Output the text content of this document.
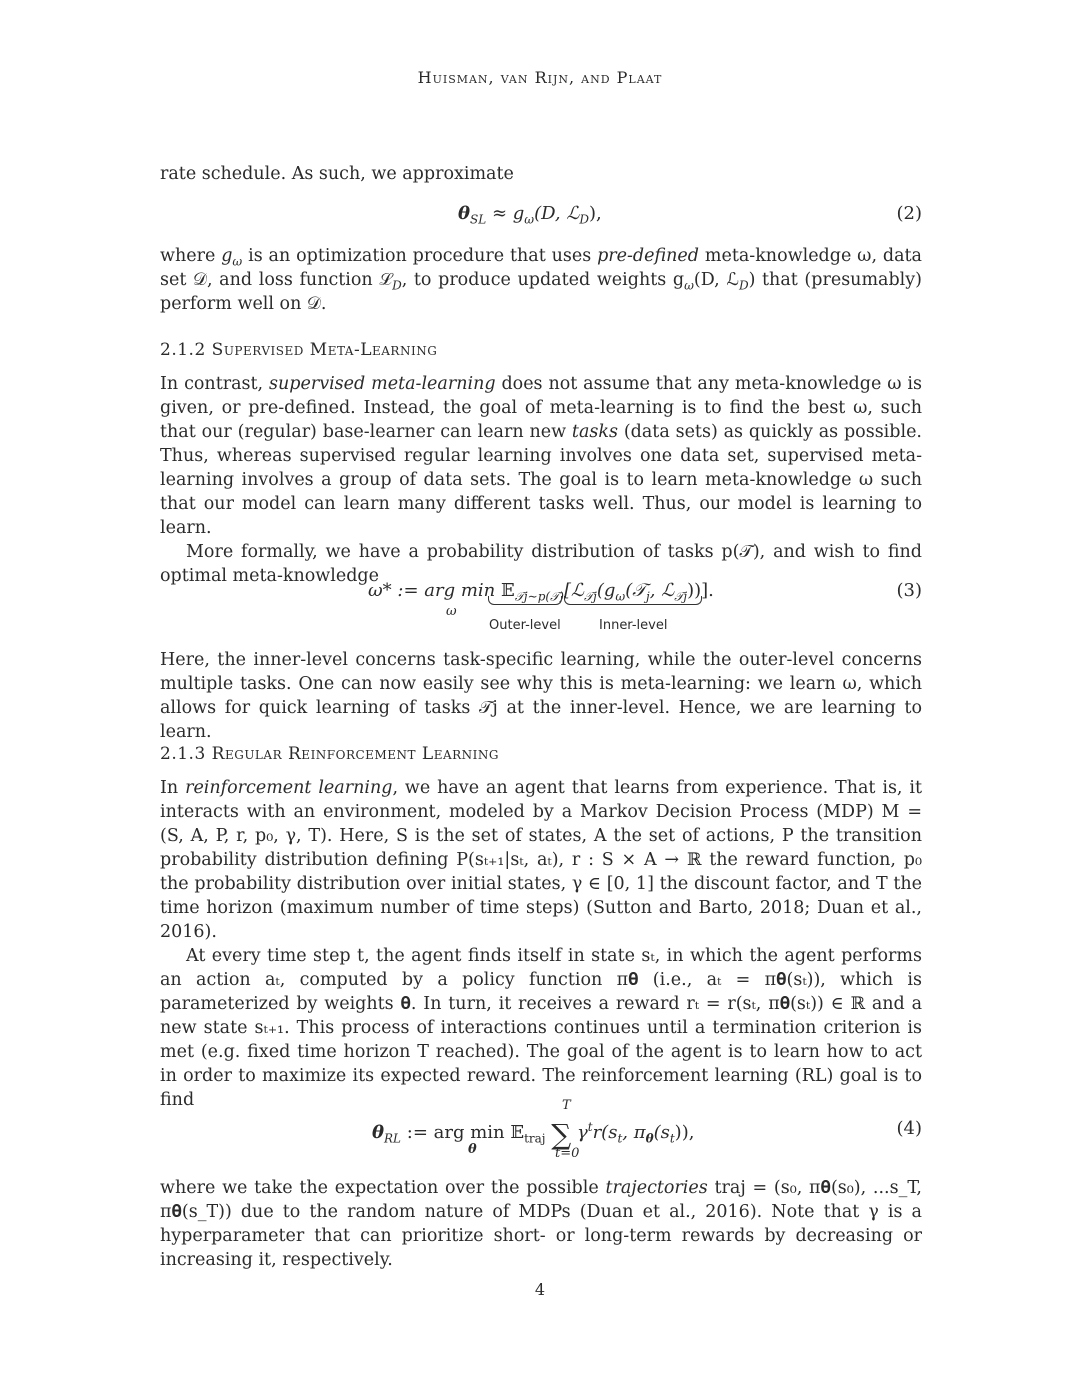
Huisman, van Rijn, and Plaat

rate schedule. As such, we approximate

$\theta_{SL} \approx g_\omega(D$, ℒ$_D$),	(2)

where $g_\omega$ is an optimization procedure that uses pre-defined meta-knowledge ω, data set 𝒟, and loss function ℒ$_D$, to produce updated weights $g_\omega(D$, ℒ$_D$) that (presumably) perform well on 𝒟.

2.1.2 Supervised Meta-Learning

In contrast, supervised meta-learning does not assume that any meta-knowledge ω is given, or pre-defined. Instead, the goal of meta-learning is to find the best ω, such that our (regular) base-learner can learn new tasks (data sets) as quickly as possible. Thus, whereas supervised regular learning involves one data set, supervised meta-learning involves a group of data sets. The goal is to learn meta-knowledge ω such that our model can learn many different tasks well. Thus, our model is learning to learn.

More formally, we have a probability distribution of tasks p(𝒯), and wish to find optimal meta-knowledge

ω* := arg $\min 𝔼_{𝒯j\sim p(𝒯)}[ℒ_{𝒯j}(g_\omega(𝒯_j$, ℒ$_{𝒯j}$))].
ω
Outer-level	Inner-level
(3)

Here, the inner-level concerns task-specific learning, while the outer-level concerns multiple tasks. One can now easily see why this is meta-learning: we learn ω, which allows for quick learning of tasks 𝒯j at the inner-level. Hence, we are learning to learn.

2.1.3 Regular Reinforcement Learning

In reinforcement learning, we have an agent that learns from experience. That is, it interacts with an environment, modeled by a Markov Decision Process (MDP) M = (S, A, P, r, p₀, γ, T). Here, S is the set of states, A the set of actions, P the transition probability distribution defining P(sₜ₊₁|sₜ, aₜ), r : S × A → ℝ the reward function, p₀ the probability distribution over initial states, γ ∈ [0, 1] the discount factor, and T the time horizon (maximum number of time steps) (Sutton and Barto, 2018; Duan et al., 2016).

At every time step t, the agent finds itself in state sₜ, in which the agent performs an action aₜ, computed by a policy function π𝛉 (i.e., aₜ = π𝛉(sₜ)), which is parameterized by weights 𝛉. In turn, it receives a reward rₜ = r(sₜ, π𝛉(sₜ)) ∈ ℝ and a new state sₜ₊₁. This process of interactions continues until a termination criterion is met (e.g. fixed time horizon T reached). The goal of the agent is to learn how to act in order to maximize its expected reward. The reinforcement learning (RL) goal is to find

$\theta_{RL}$ := arg min 𝔼$_{traj}$ ∑ $\gamma^tr(s_t$, $\pi_\theta(s_t)$),
T
t=0
θ
(4)

where we take the expectation over the possible trajectories traj = (s₀, π𝛉(s₀), ...s_T, π𝛉(s_T)) due to the random nature of MDPs (Duan et al., 2016). Note that γ is a hyperparameter that can prioritize short- or long-term rewards by decreasing or increasing it, respectively.

4
